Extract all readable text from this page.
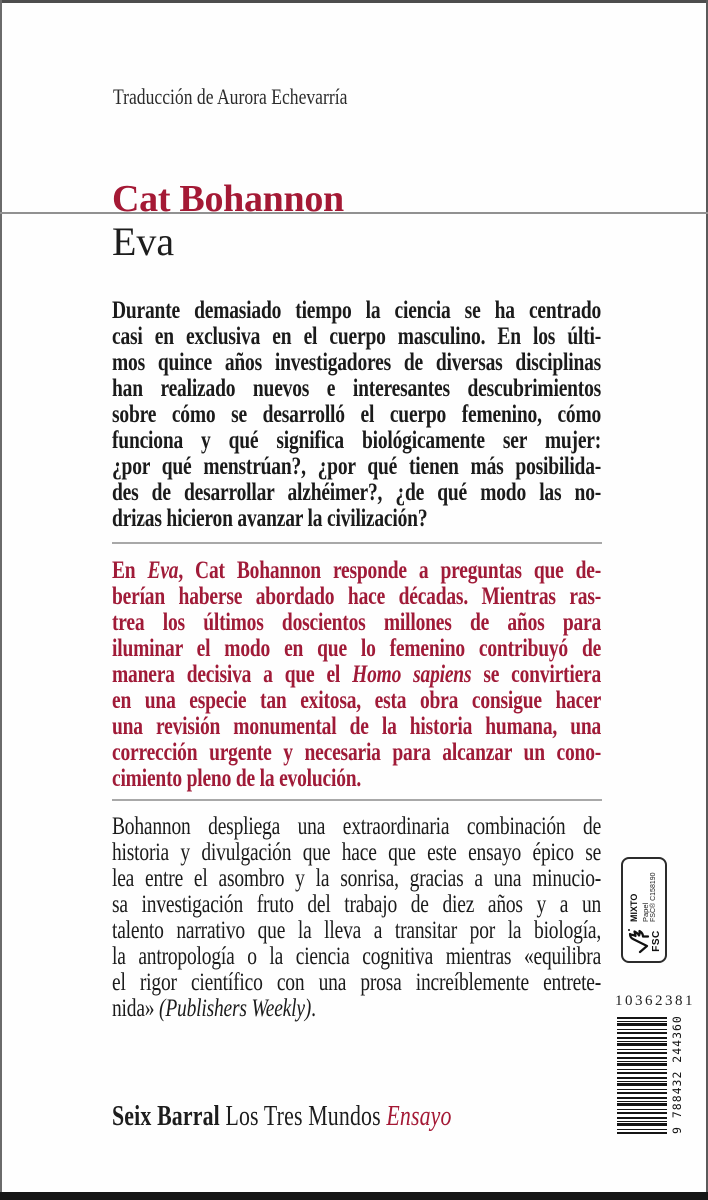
Traducción de Aurora Echevarría
Cat Bohannon
Eva
Durante demasiado tiempo la ciencia se ha centrado
casi en exclusiva en el cuerpo masculino. En los últi-
mos quince años investigadores de diversas disciplinas
han realizado nuevos e interesantes descubrimientos
sobre cómo se desarrolló el cuerpo femenino, cómo
funciona y qué significa biológicamente ser mujer:
¿por qué menstrúan?, ¿por qué tienen más posibilida-
des de desarrollar alzhéimer?, ¿de qué modo las no-
drizas hicieron avanzar la civilización?
En Eva, Cat Bohannon responde a preguntas que de-
berían haberse abordado hace décadas. Mientras ras-
trea los últimos doscientos millones de años para
iluminar el modo en que lo femenino contribuyó de
manera decisiva a que el Homo sapiens se convirtiera
en una especie tan exitosa, esta obra consigue hacer
una revisión monumental de la historia humana, una
corrección urgente y necesaria para alcanzar un cono-
cimiento pleno de la evolución.
Bohannon despliega una extraordinaria combinación de
historia y divulgación que hace que este ensayo épico se
lea entre el asombro y la sonrisa, gracias a una minucio-
sa investigación fruto del trabajo de diez años y a un
talento narrativo que la lleva a transitar por la biología,
la antropología o la ciencia cognitiva mientras «equilibra
el rigor científico con una prosa increíblemente entrete-
nida» (Publishers Weekly).
Seix Barral Los Tres Mundos Ensayo
FSC
MIXTO Papel FSC® C158190
10362381
9 788432 244360
